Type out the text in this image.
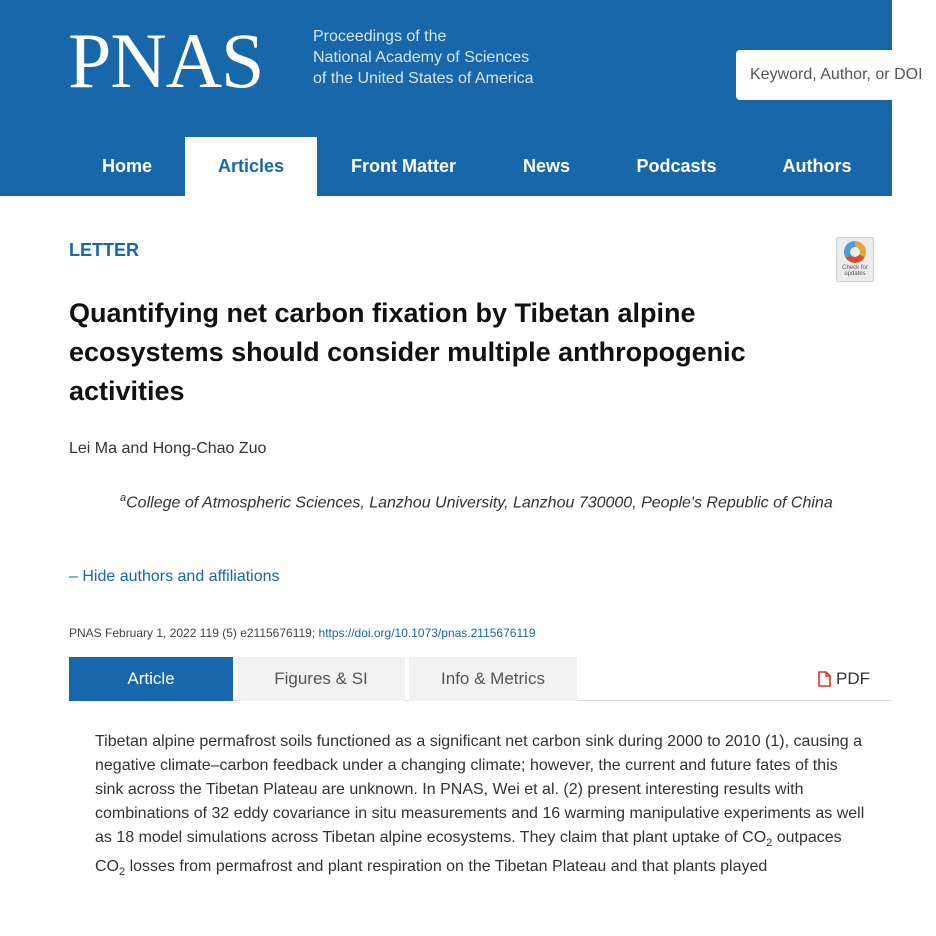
PNAS	Proceedings of the
National Academy of Sciences
of the United States of America	Keyword, Author, or DOI
Home	Articles	Front Matter	News	Podcasts	Authors
LETTER
Check for updates
Quantifying net carbon fixation by Tibetan alpine ecosystems should consider multiple anthropogenic activities
Lei Ma and Hong-Chao Zuo
$^a$College of Atmospheric Sciences, Lanzhou University, Lanzhou 730000, People's Republic of China
– Hide authors and affiliations
PNAS February 1, 2022 119 (5) e2115676119; https://doi.org/10.1073/pnas.2115676119
Article	Figures & SI	Info & Metrics	PDF
Tibetan alpine permafrost soils functioned as a significant net carbon sink during 2000 to 2010 (1), causing a negative climate–carbon feedback under a changing climate; however, the current and future fates of this sink across the Tibetan Plateau are unknown. In PNAS, Wei et al. (2) present interesting results with combinations of 32 eddy covariance in situ measurements and 16 warming manipulative experiments as well as 18 model simulations across Tibetan alpine ecosystems. They claim that plant uptake of $CO_2$ outpaces $CO_2$ losses from permafrost and plant respiration on the Tibetan Plateau and that plants played
